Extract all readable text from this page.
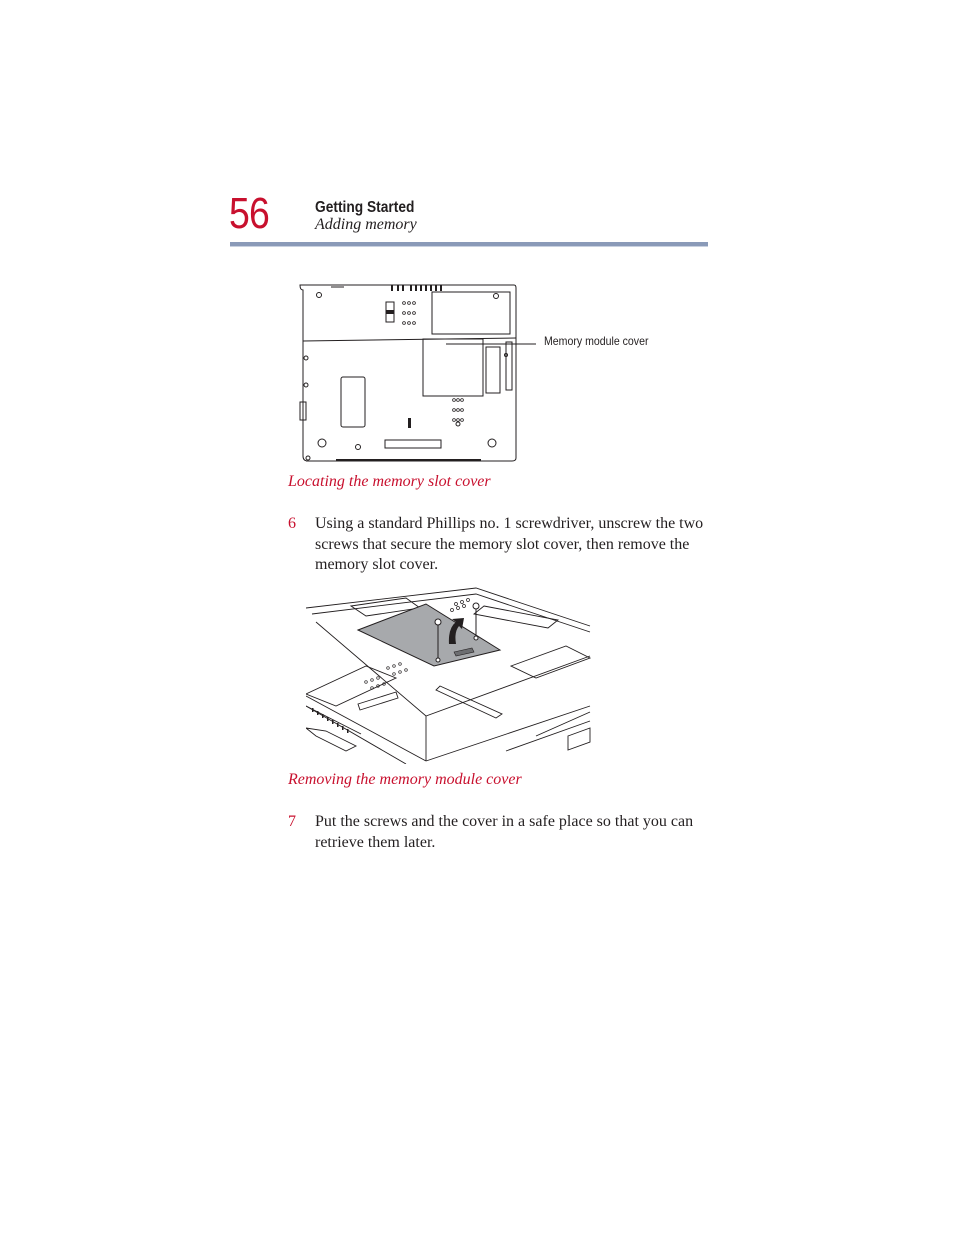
56	Getting Started
Adding memory
Memory module cover
Locating the memory slot cover
6	Using a standard Phillips no. 1 screwdriver, unscrew the two screws that secure the memory slot cover, then remove the memory slot cover.
Removing the memory module cover
7	Put the screws and the cover in a safe place so that you can retrieve them later.
